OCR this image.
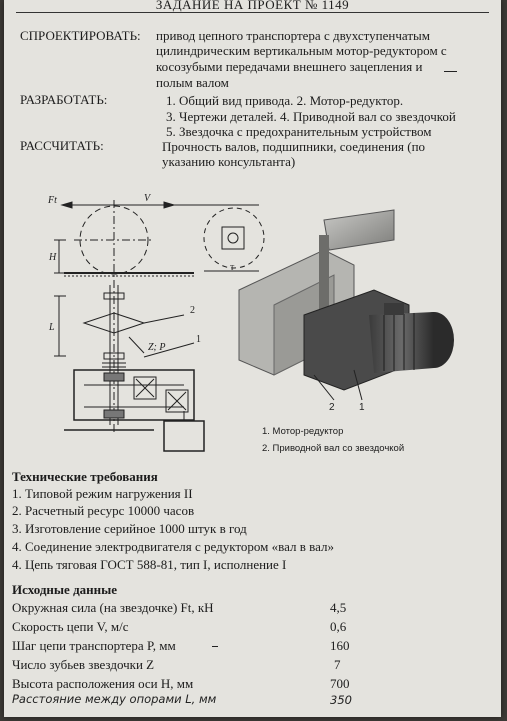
ЗАДАНИЕ НА ПРОЕКТ № 1149
СПРОЕКТИРОВАТЬ: привод цепного транспортера с двухступенчатым
цилиндрическим вертикальным мотор-редуктором с
косозубыми передачами внешнего зацепления и
полым валом
РАЗРАБОТАТЬ:	1. Общий вид привода. 2. Мотор-редуктор.
3. Чертежи деталей. 4. Приводной вал со звездочкой
5. Звездочка с предохранительным устройством
РАССЧИТАТЬ:	Прочность валов, подшипники, соединения (по
указанию консультанта)
Ft	V
H
L
Z; P
2
1
T
2 1
1. Мотор-редуктор
2. Приводной вал со звездочкой
Технические требования
1. Типовой режим нагружения II
2. Расчетный ресурс 10000 часов
3. Изготовление серийное 1000 штук в год
4. Соединение электродвигателя с редуктором «вал в вал»
4. Цепь тяговая ГОСТ 588-81, тип I, исполнение I
Исходные данные
Окружная сила (на звездочке) Ft, кН	4,5
Скорость цепи V, м/с	0,6
Шаг цепи транспортера P, мм	160
Число зубьев звездочки Z	7
Высота расположения оси H, мм	700
Расстояние между опорами L, мм	350
